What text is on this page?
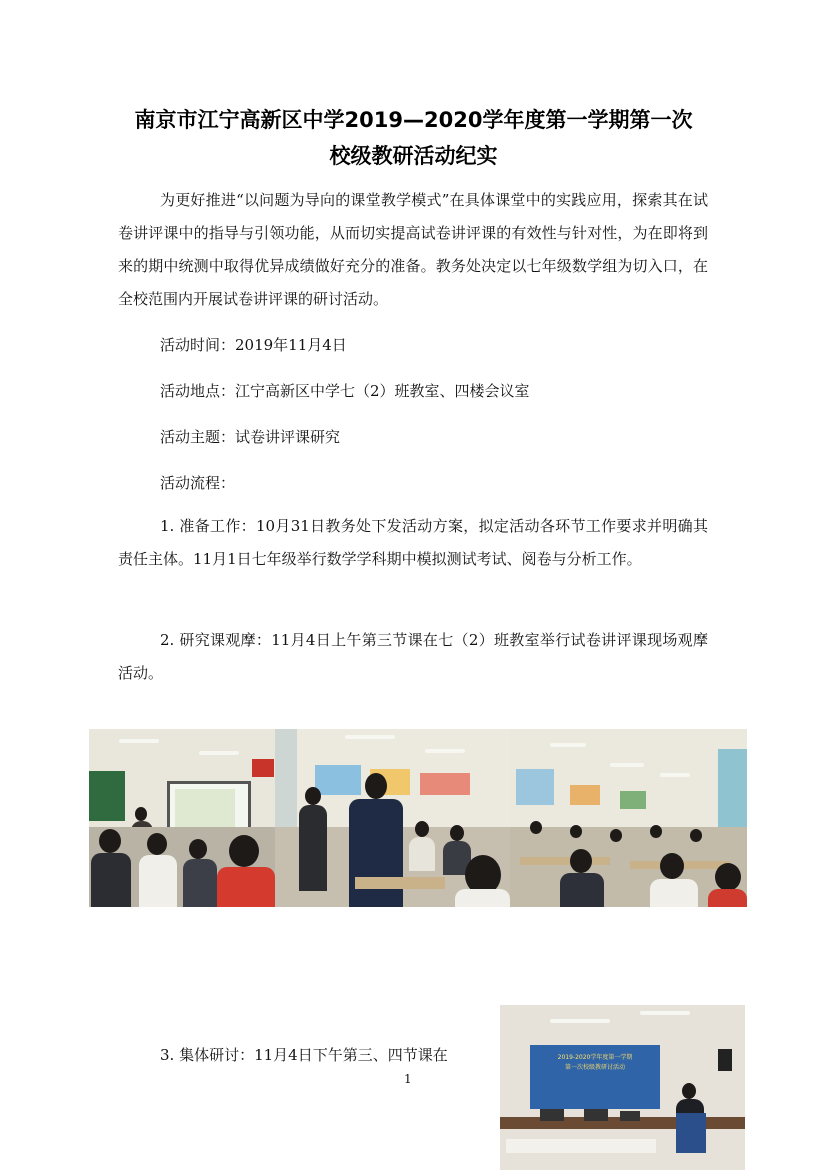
南京市江宁高新区中学2019—2020学年度第一学期第一次
校级教研活动纪实

为更好推进“以问题为导向的课堂教学模式”在具体课堂中的实践应用，探索其在试卷讲评课中的指导与引领功能，从而切实提高试卷讲评课的有效性与针对性，为在即将到来的期中统测中取得优异成绩做好充分的准备。教务处决定以七年级数学组为切入口，在全校范围内开展试卷讲评课的研讨活动。

活动时间：2019年11月4日
活动地点：江宁高新区中学七（2）班教室、四楼会议室
活动主题：试卷讲评课研究
活动流程：

1. 准备工作：10月31日教务处下发活动方案，拟定活动各环节工作要求并明确其责任主体。11月1日七年级举行数学学科期中模拟测试考试、阅卷与分析工作。

2. 研究课观摩：11月4日上午第三节课在七（2）班教室举行试卷讲评课现场观摩活动。

3. 集体研讨：11月4日下午第三、四节课在
1
2019-2020学年度第一学期
第一次校级教研讨活动
